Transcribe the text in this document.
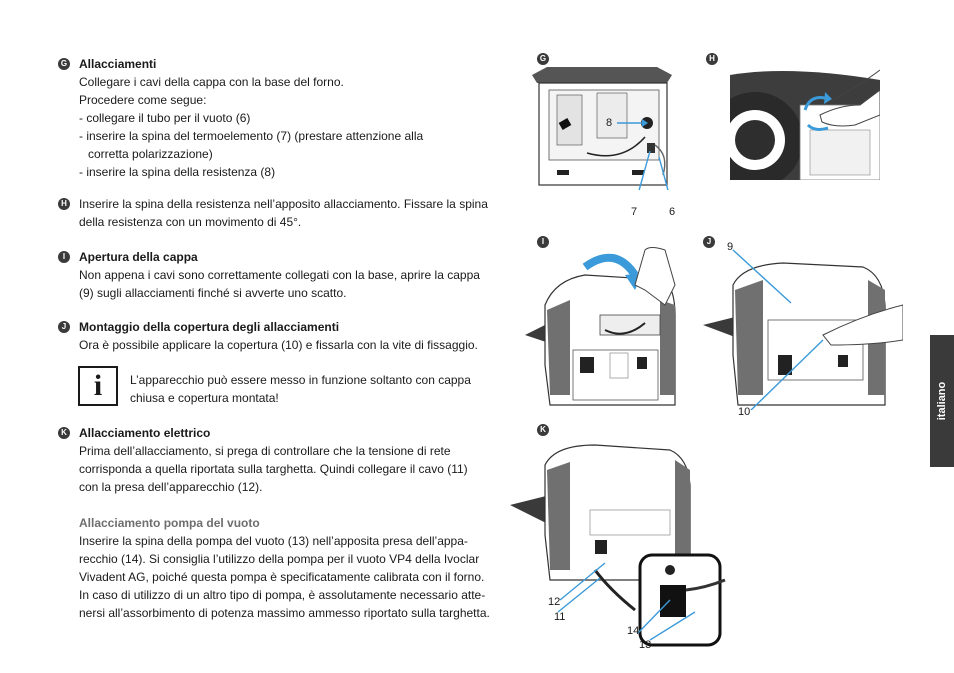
G Allacciamenti
Collegare i cavi della cappa con la base del forno.
Procedere come segue:
- collegare il tubo per il vuoto (6)
- inserire la spina del termoelemento (7) (prestare attenzione alla
corretta polarizzazione)
- inserire la spina della resistenza (8)
H Inserire la spina della resistenza nell’apposito allacciamento. Fissare la spina
della resistenza con un movimento di 45°.
I	Apertura della cappa
Non appena i cavi sono correttamente collegati con la base, aprire la cappa
(9) sugli allacciamenti finché si avverte uno scatto.
J	Montaggio della copertura degli allacciamenti
Ora è possibile applicare la copertura (10) e fissarla con la vite di fissaggio.
i	L’apparecchio può essere messo in funzione soltanto con cappa
chiusa e copertura montata!
K Allacciamento elettrico
Prima dell’allacciamento, si prega di controllare che la tensione di rete
corrisponda a quella riportata sulla targhetta. Quindi collegare il cavo (11)
con la presa dell’apparecchio (12).
Allacciamento pompa del vuoto
Inserire la spina della pompa del vuoto (13) nell’apposita presa dell’appa-
recchio (14). Si consiglia l’utilizzo della pompa per il vuoto VP4 della Ivoclar
Vivadent AG, poiché questa pompa è specificatamente calibrata con il forno.
In caso di utilizzo di un altro tipo di pompa, è assolutamente necessario atte-
nersi all’assorbimento di potenza massimo ammesso riportato sulla targhetta.
italiano
G
8
7	6
H
I	J	9
10
K
12
11
14
13
